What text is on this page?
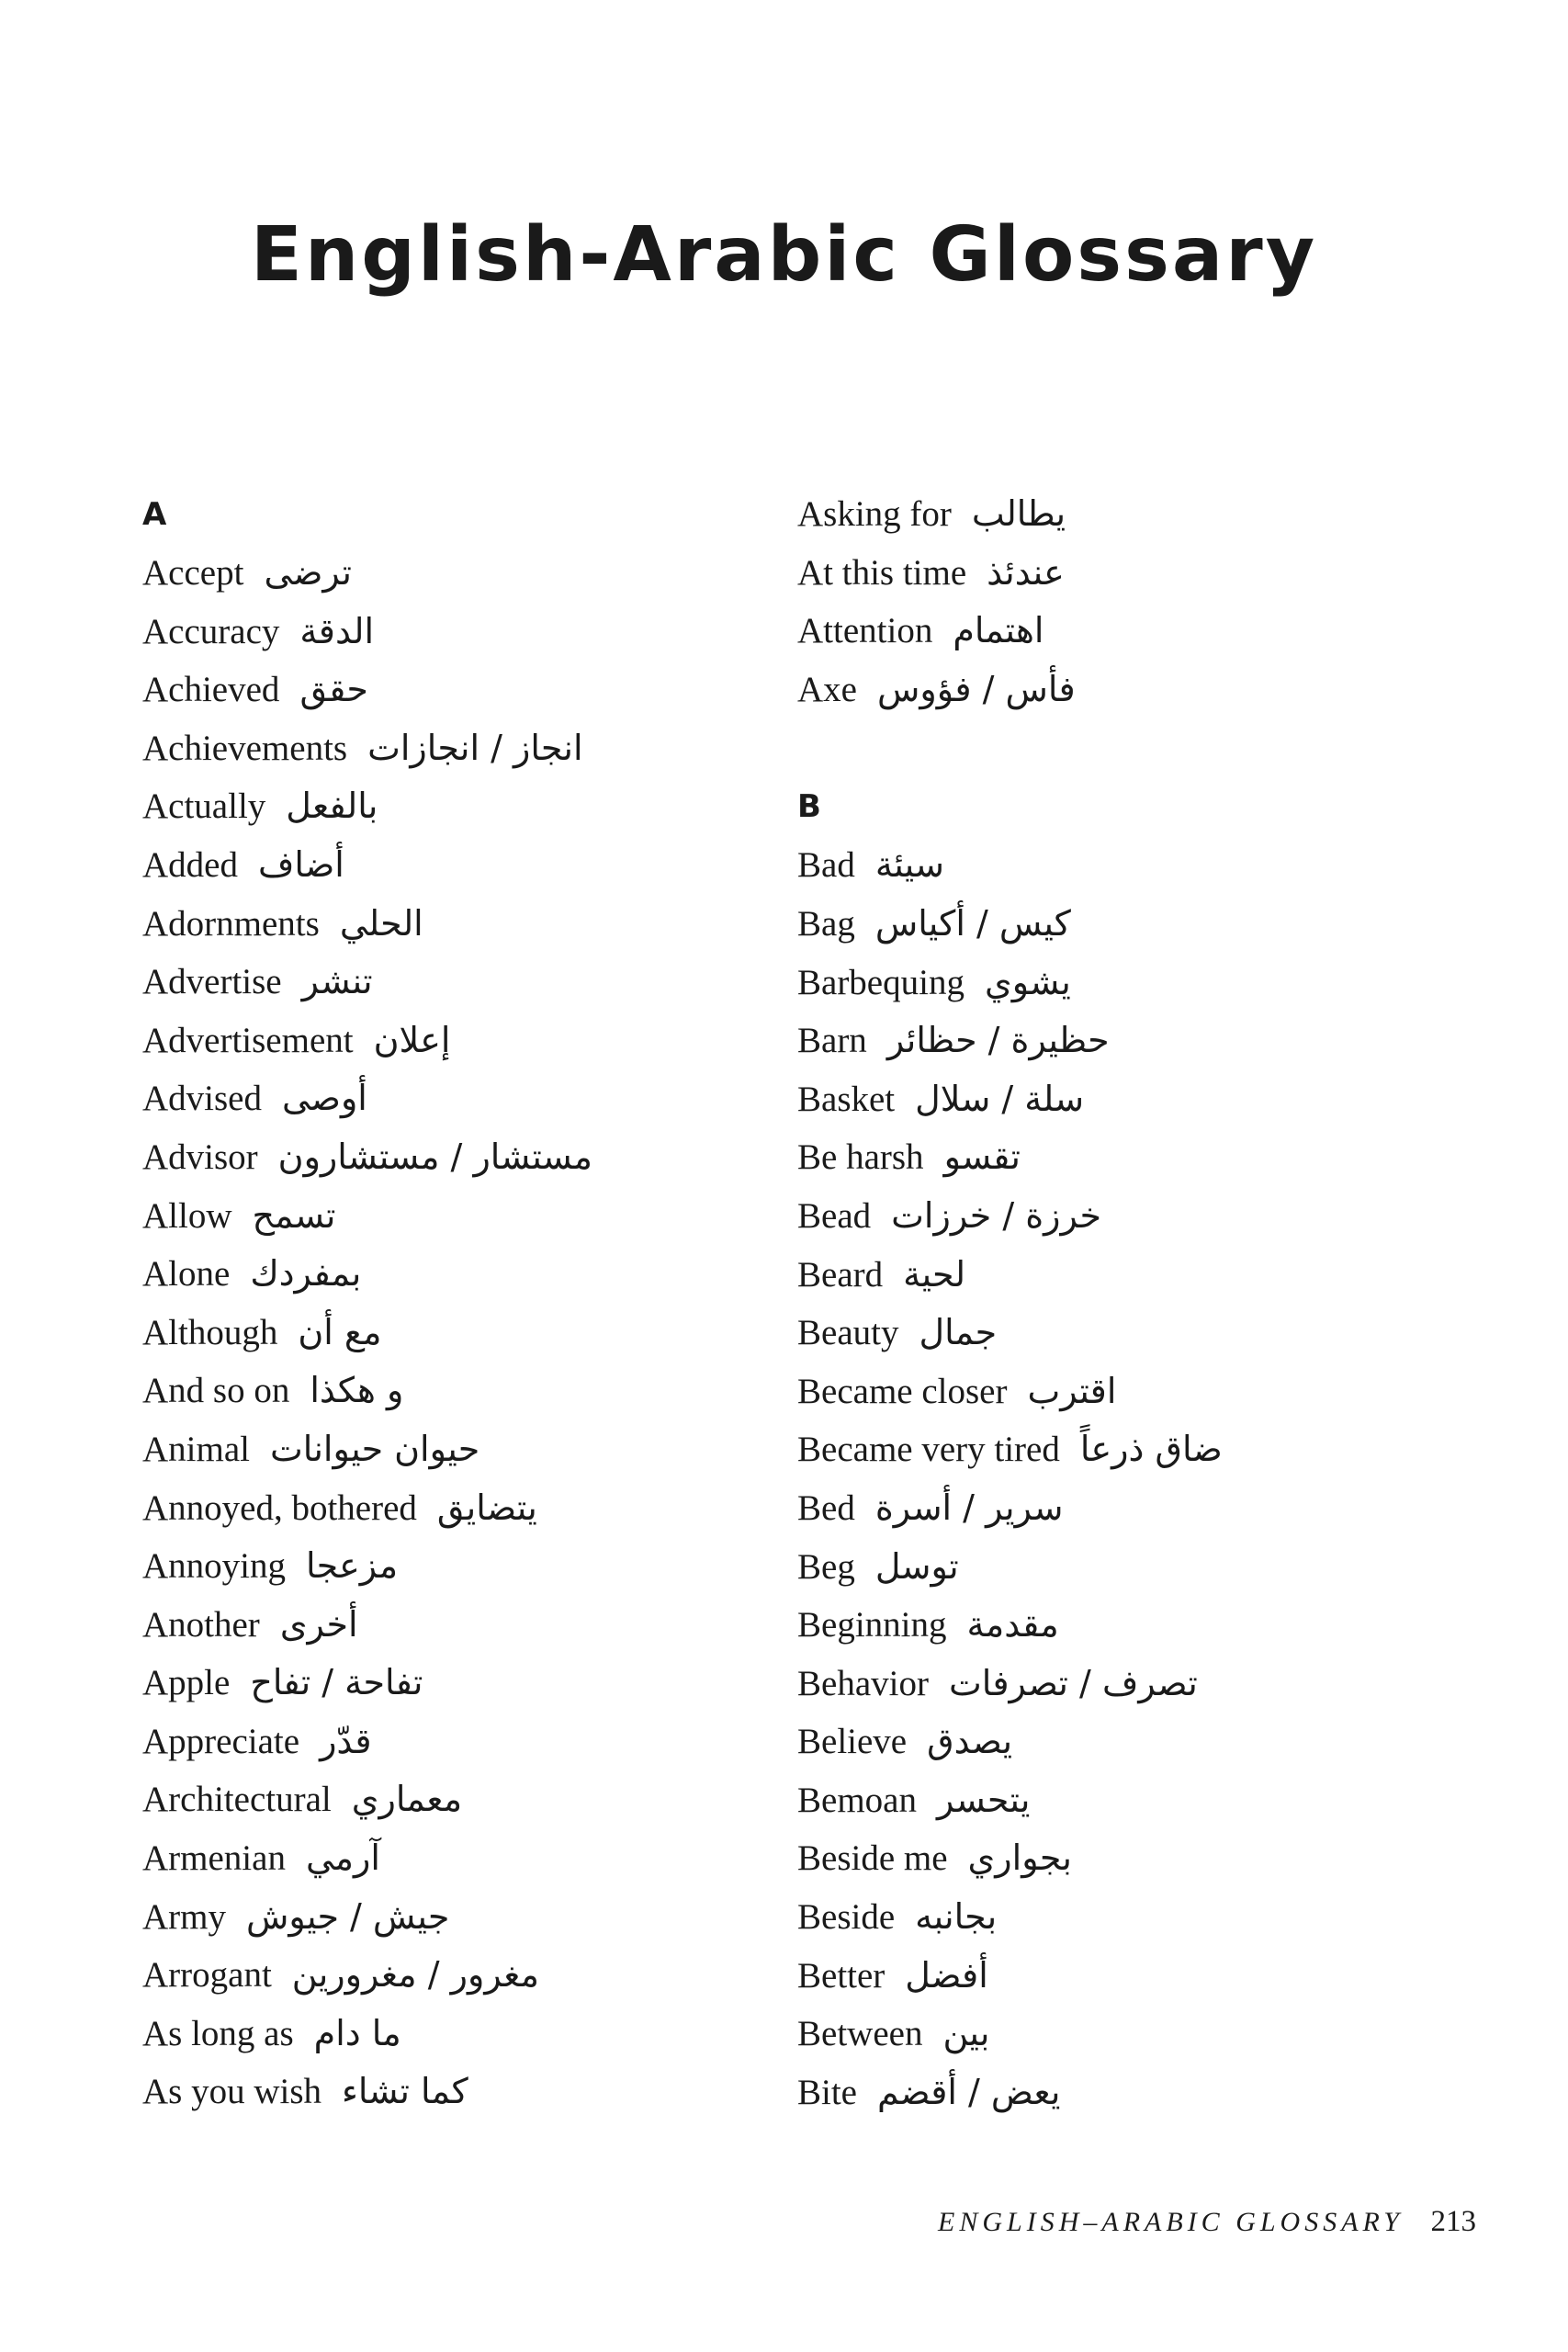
English-Arabic Glossary
A
Accept ترضى
Accuracy الدقة
Achieved حقق
Achievements انجاز / انجازات
Actually بالفعل
Added أضاف
Adornments الحلي
Advertise تنشر
Advertisement إعلان
Advised أوصى
Advisor مستشار / مستشارون
Allow تسمح
Alone بمفردك
Although مع أن
And so on و هكذا
Animal حيوان حيوانات
Annoyed, bothered يتضايق
Annoying مزعجا
Another أخرى
Apple تفاحة / تفاح
Appreciate قدّر
Architectural معماري
Armenian آرمي
Army جيش / جيوش
Arrogant مغرور / مغرورين
As long as ما دام
As you wish كما تشاء
Asking for يطالب
At this time عندئذ
Attention اهتمام
Axe فأس / فؤوس
B
Bad سيئة
Bag كيس / أكياس
Barbequing يشوي
Barn حظيرة / حظائر
Basket سلة / سلال
Be harsh تقسو
Bead خرزة / خرزات
Beard لحية
Beauty جمال
Became closer اقترب
Became very tired ضاق ذرعاً
Bed سرير / أسرة
Beg توسل
Beginning مقدمة
Behavior تصرف / تصرفات
Believe يصدق
Bemoan يتحسر
Beside me بجواري
Beside بجانبه
Better أفضل
Between بين
Bite يعض / أقضم
ENGLISH–ARABIC GLOSSARY 213
